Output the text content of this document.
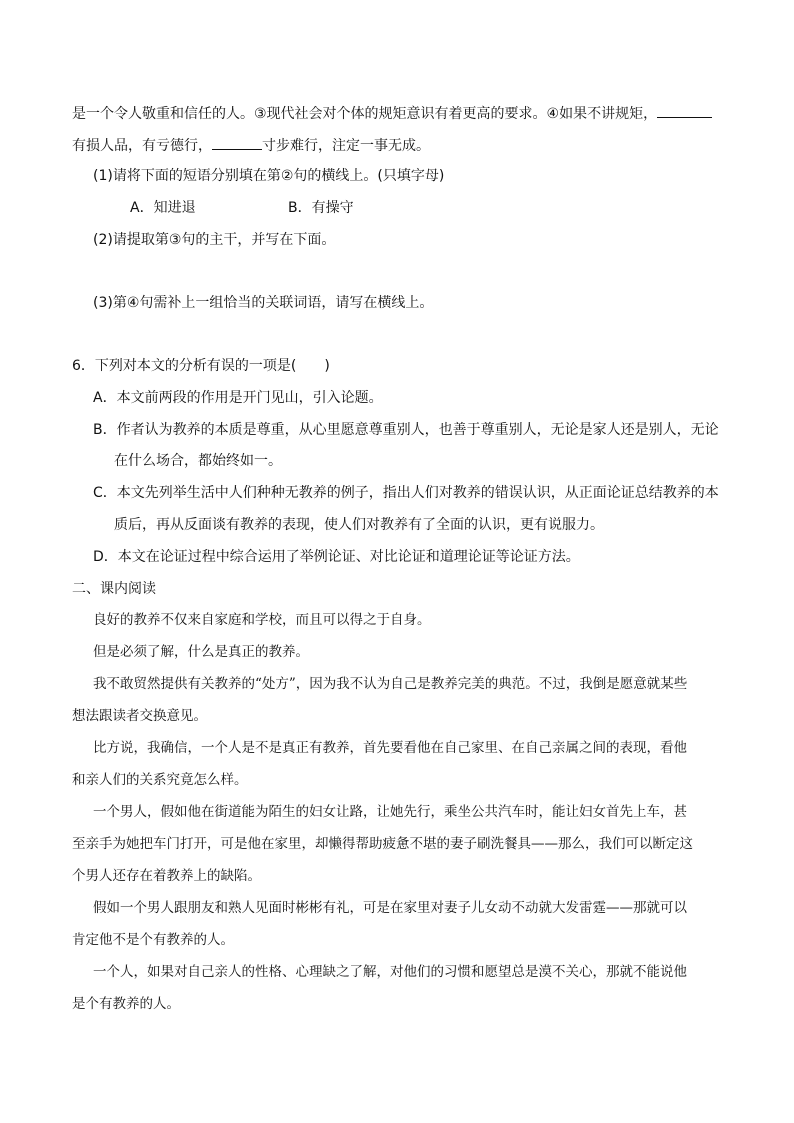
是一个令人敬重和信任的人。③现代社会对个体的规矩意识有着更高的要求。④如果不讲规矩，
有损人品，有亏德行，	寸步难行，注定一事无成。
(1)请将下面的短语分别填在第②句的横线上。(只填字母)
A．知进退	B．有操守
(2)请提取第③句的主干，并写在下面。
(3)第④句需补上一组恰当的关联词语，请写在横线上。
6．下列对本文的分析有误的一项是(　　)
A．本文前两段的作用是开门见山，引入论题。
B．作者认为教养的本质是尊重，从心里愿意尊重别人，也善于尊重别人，无论是家人还是别人，无论
在什么场合，都始终如一。
C．本文先列举生活中人们种种无教养的例子，指出人们对教养的错误认识，从正面论证总结教养的本
质后，再从反面谈有教养的表现，使人们对教养有了全面的认识，更有说服力。
D．本文在论证过程中综合运用了举例论证、对比论证和道理论证等论证方法。
二、课内阅读
良好的教养不仅来自家庭和学校，而且可以得之于自身。
但是必须了解，什么是真正的教养。
我不敢贸然提供有关教养的“处方”，因为我不认为自己是教养完美的典范。不过，我倒是愿意就某些
想法跟读者交换意见。
比方说，我确信，一个人是不是真正有教养，首先要看他在自己家里、在自己亲属之间的表现，看他
和亲人们的关系究竟怎么样。
一个男人，假如他在街道能为陌生的妇女让路，让她先行，乘坐公共汽车时，能让妇女首先上车，甚
至亲手为她把车门打开，可是他在家里，却懒得帮助疲惫不堪的妻子刷洗餐具——那么，我们可以断定这
个男人还存在着教养上的缺陷。
假如一个男人跟朋友和熟人见面时彬彬有礼，可是在家里对妻子儿女动不动就大发雷霆——那就可以
肯定他不是个有教养的人。
一个人，如果对自己亲人的性格、心理缺之了解，对他们的习惯和愿望总是漠不关心，那就不能说他
是个有教养的人。
